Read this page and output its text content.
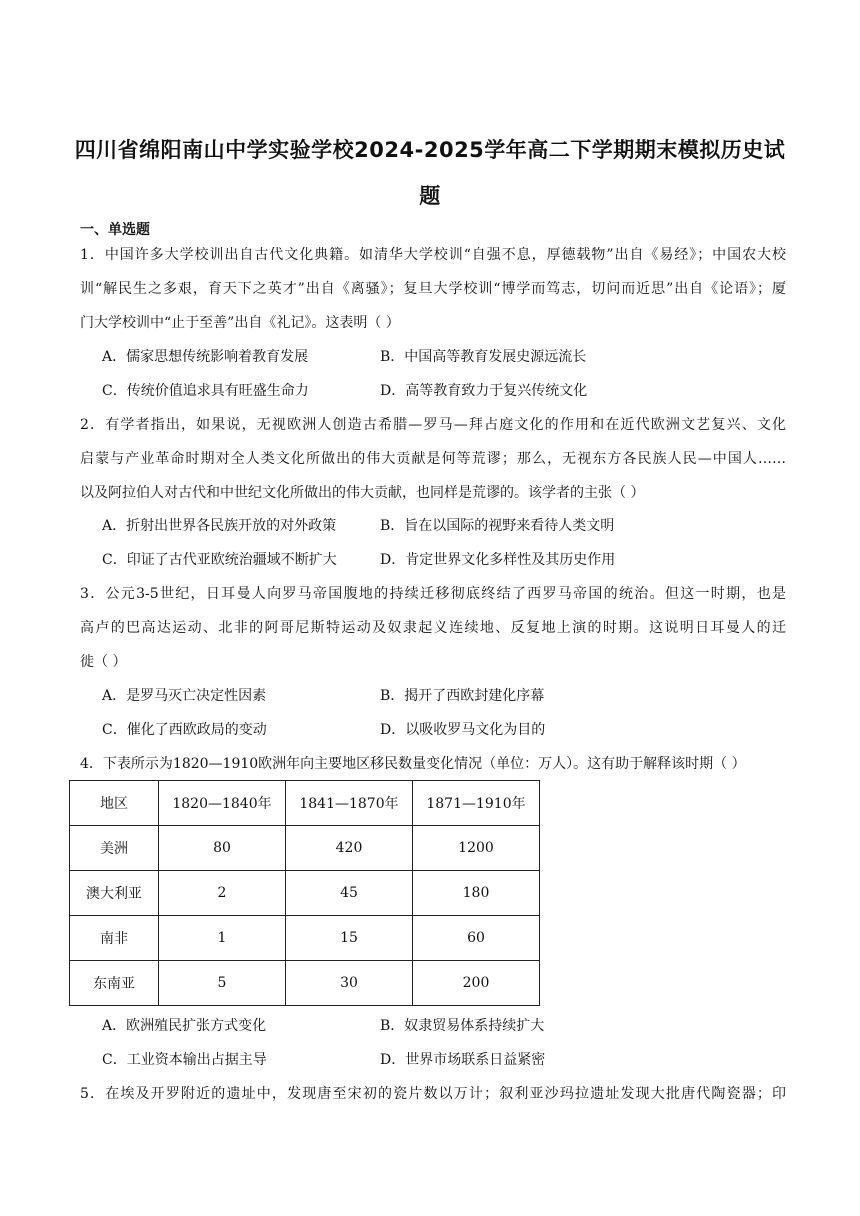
四川省绵阳南山中学实验学校2024-2025学年高二下学期期末模拟历史试
题
一、单选题
1．中国许多大学校训出自古代文化典籍。如清华大学校训“自强不息，厚德载物”出自《易经》；中国农大校
训“解民生之多艰，育天下之英才”出自《离骚》；复旦大学校训“博学而笃志，切问而近思”出自《论语》；厦
门大学校训中“止于至善”出自《礼记》。这表明（ ）
A．儒家思想传统影响着教育发展	B．中国高等教育发展史源远流长
C．传统价值追求具有旺盛生命力	D．高等教育致力于复兴传统文化
2．有学者指出，如果说，无视欧洲人创造古希腊—罗马—拜占庭文化的作用和在近代欧洲文艺复兴、文化
启蒙与产业革命时期对全人类文化所做出的伟大贡献是何等荒谬；那么，无视东方各民族人民—中国人……
以及阿拉伯人对古代和中世纪文化所做出的伟大贡献，也同样是荒谬的。该学者的主张（ ）
A．折射出世界各民族开放的对外政策	B．旨在以国际的视野来看待人类文明
C．印证了古代亚欧统治疆域不断扩大	D．肯定世界文化多样性及其历史作用
3．公元3-5世纪，日耳曼人向罗马帝国腹地的持续迁移彻底终结了西罗马帝国的统治。但这一时期，也是
高卢的巴高达运动、北非的阿哥尼斯特运动及奴隶起义连续地、反复地上演的时期。这说明日耳曼人的迁
徙（ ）
A．是罗马灭亡决定性因素	B．揭开了西欧封建化序幕
C．催化了西欧政局的变动	D．以吸收罗马文化为目的
4．下表所示为1820—1910欧洲年向主要地区移民数量变化情况（单位：万人）。这有助于解释该时期（ ）
地区	1820—1840年	1841—1870年	1871—1910年
美洲	80	420	1200
澳大利亚	2	45	180
南非	1	15	60
东南亚	5	30	200
A．欧洲殖民扩张方式变化	B．奴隶贸易体系持续扩大
C．工业资本输出占据主导	D．世界市场联系日益紧密
5．在埃及开罗附近的遗址中，发现唐至宋初的瓷片数以万计；叙利亚沙玛拉遗址发现大批唐代陶瓷器；印
